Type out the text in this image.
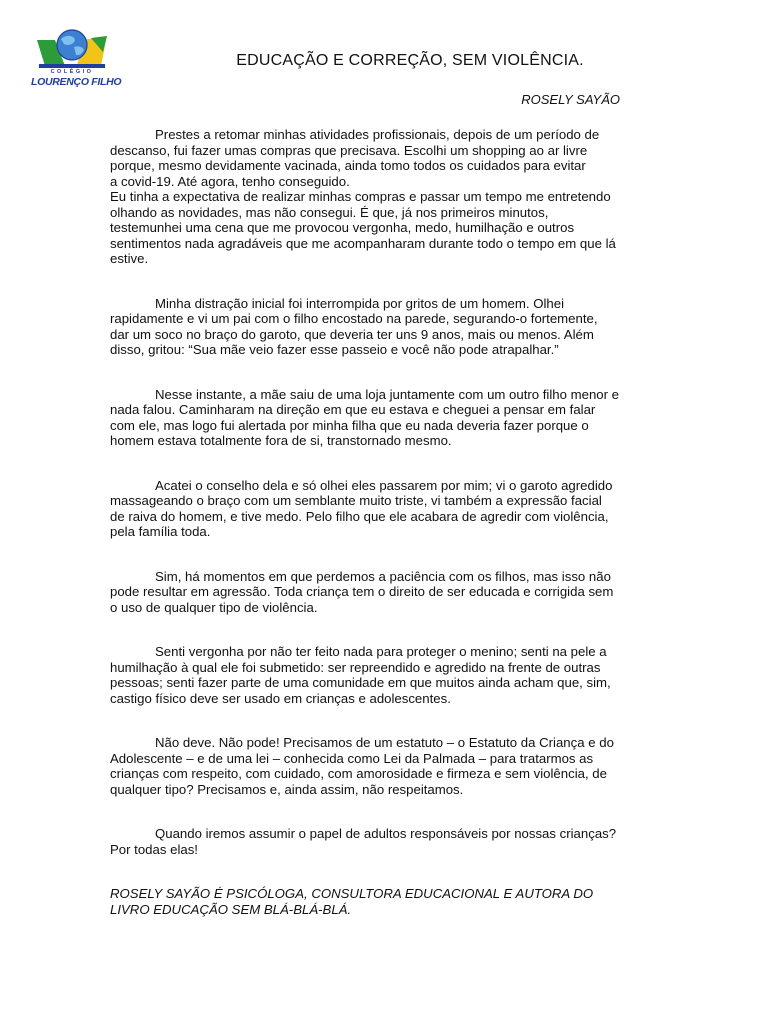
COLÉGIO
LOURENÇO FILHO
EDUCAÇÃO E CORREÇÃO, SEM VIOLÊNCIA.
ROSELY SAYÃO
Prestes a retomar minhas atividades profissionais, depois de um período de
descanso, fui fazer umas compras que precisava. Escolhi um shopping ao ar livre
porque, mesmo devidamente vacinada, ainda tomo todos os cuidados para evitar
a covid-19. Até agora, tenho conseguido.
Eu tinha a expectativa de realizar minhas compras e passar um tempo me entretendo
olhando as novidades, mas não consegui. É que, já nos primeiros minutos,
testemunhei uma cena que me provocou vergonha, medo, humilhação e outros
sentimentos nada agradáveis que me acompanharam durante todo o tempo em que lá
estive.
Minha distração inicial foi interrompida por gritos de um homem. Olhei
rapidamente e vi um pai com o filho encostado na parede, segurando-o fortemente,
dar um soco no braço do garoto, que deveria ter uns 9 anos, mais ou menos. Além
disso, gritou: “Sua mãe veio fazer esse passeio e você não pode atrapalhar.”
Nesse instante, a mãe saiu de uma loja juntamente com um outro filho menor e
nada falou. Caminharam na direção em que eu estava e cheguei a pensar em falar
com ele, mas logo fui alertada por minha filha que eu nada deveria fazer porque o
homem estava totalmente fora de si, transtornado mesmo.
Acatei o conselho dela e só olhei eles passarem por mim; vi o garoto agredido
massageando o braço com um semblante muito triste, vi também a expressão facial
de raiva do homem, e tive medo. Pelo filho que ele acabara de agredir com violência,
pela família toda.
Sim, há momentos em que perdemos a paciência com os filhos, mas isso não
pode resultar em agressão. Toda criança tem o direito de ser educada e corrigida sem
o uso de qualquer tipo de violência.
Senti vergonha por não ter feito nada para proteger o menino; senti na pele a
humilhação à qual ele foi submetido: ser repreendido e agredido na frente de outras
pessoas; senti fazer parte de uma comunidade em que muitos ainda acham que, sim,
castigo físico deve ser usado em crianças e adolescentes.
Não deve. Não pode! Precisamos de um estatuto – o Estatuto da Criança e do
Adolescente – e de uma lei – conhecida como Lei da Palmada – para tratarmos as
crianças com respeito, com cuidado, com amorosidade e firmeza e sem violência, de
qualquer tipo? Precisamos e, ainda assim, não respeitamos.
Quando iremos assumir o papel de adultos responsáveis por nossas crianças?
Por todas elas!
ROSELY SAYÃO É PSICÓLOGA, CONSULTORA EDUCACIONAL E AUTORA DO
LIVRO EDUCAÇÃO SEM BLÁ-BLÁ-BLÁ.
